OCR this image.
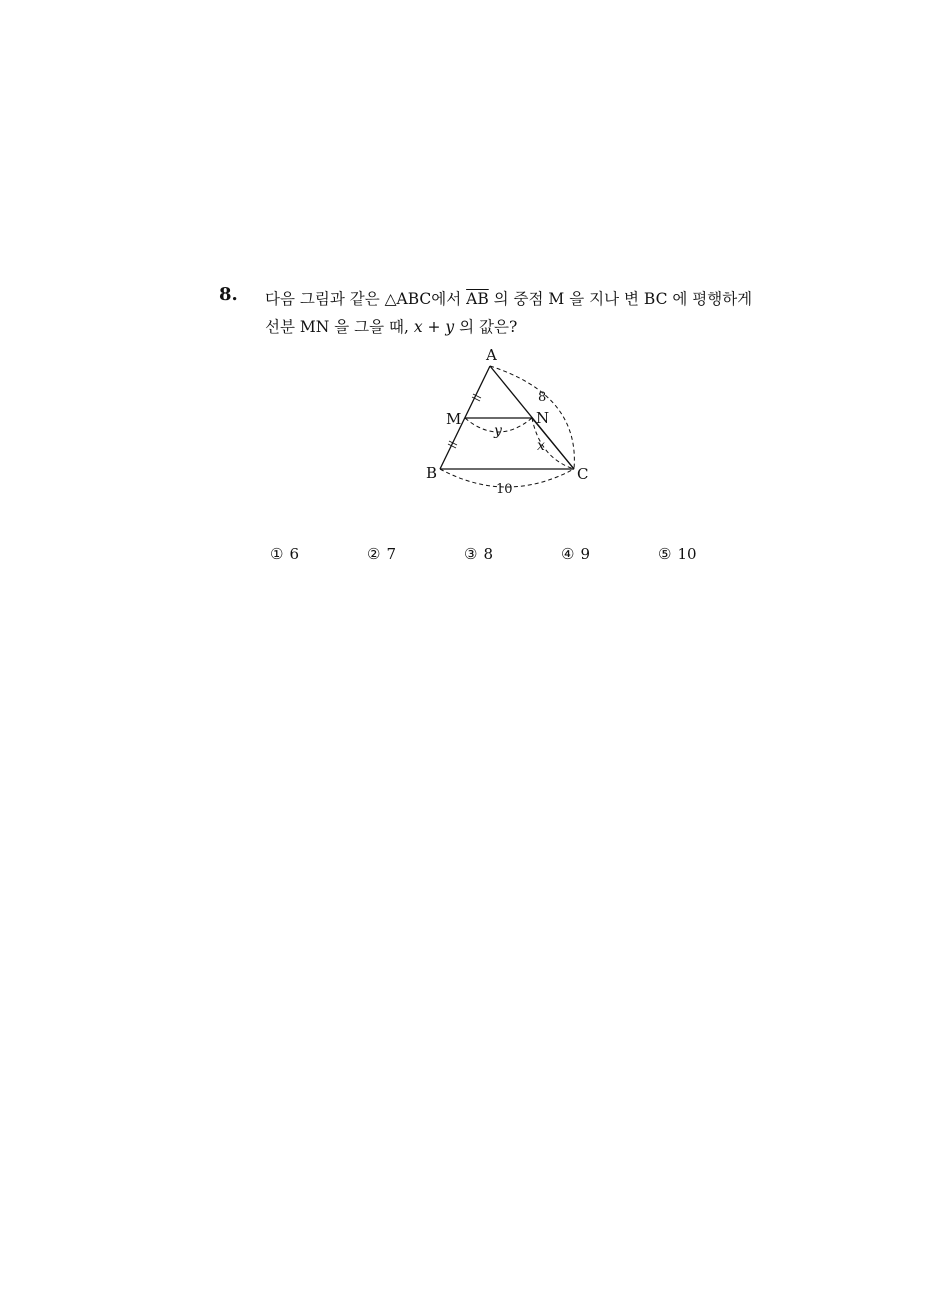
8. 다음 그림과 같은 △ABC에서 $\overline{AB}$ 의 중점 M 을 지나 변 BC 에 평행하게
선분 MN 을 그을 때, x + y 의 값은?
A
M	N
B	C
8
10
y
x
① 6	② 7	③ 8	④ 9	⑤ 10
